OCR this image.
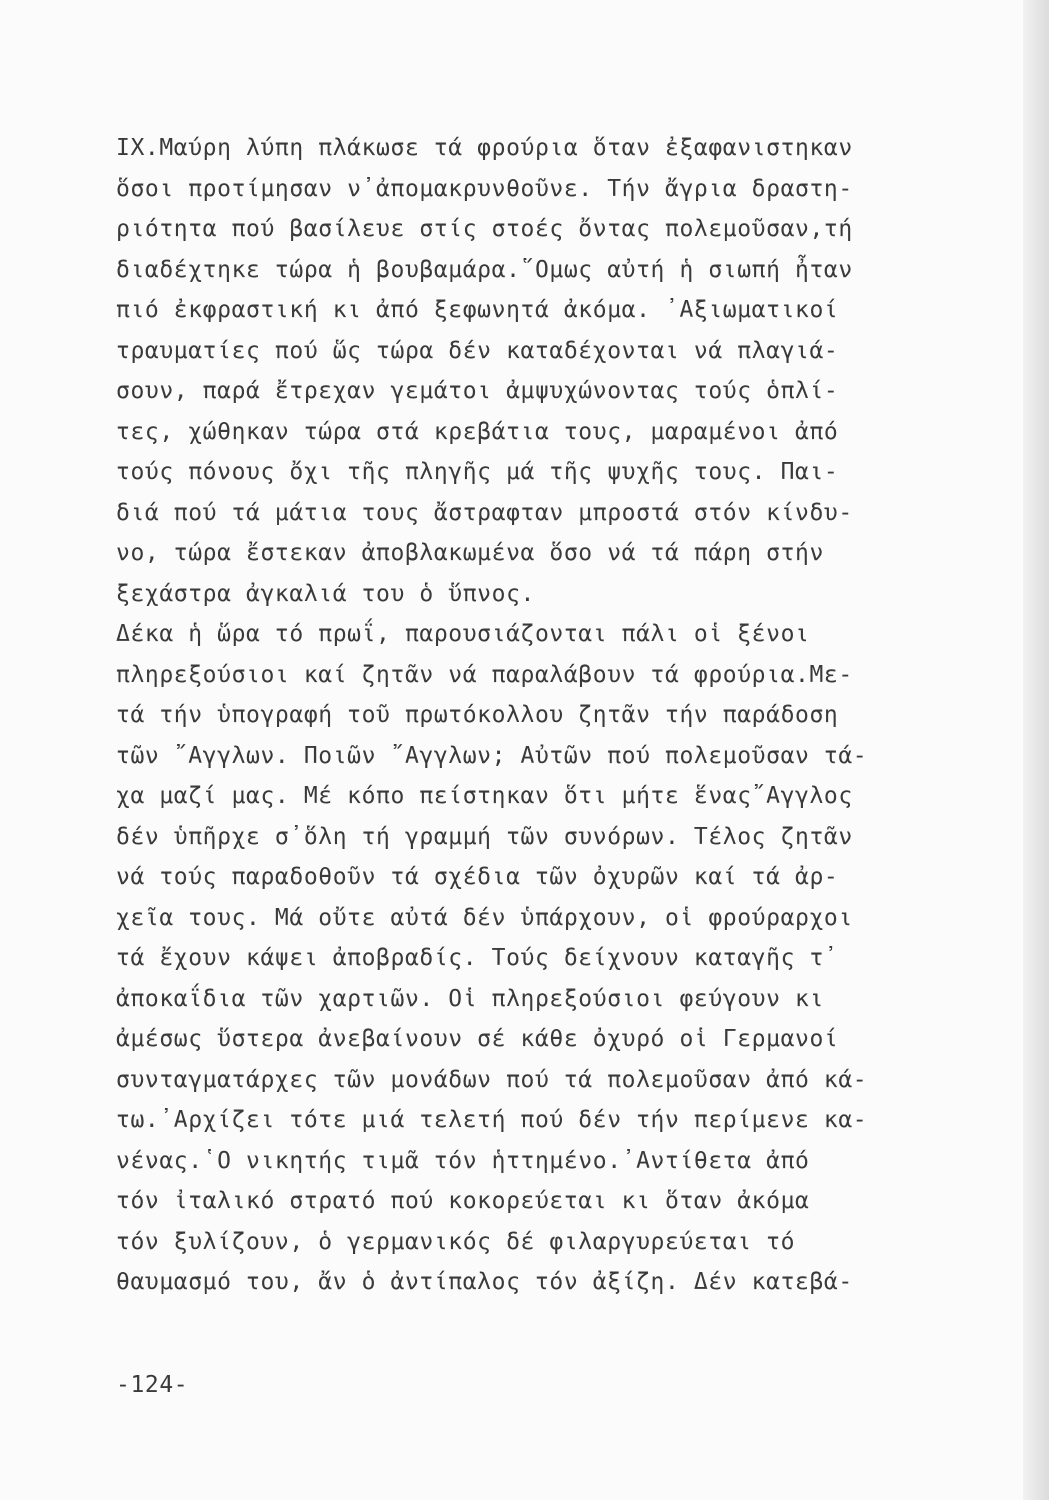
IX.Μαύρη λύπη πλάκωσε τά φρούρια ὅταν ἐξαφανιστηκαν
ὅσοι προτίμησαν ν᾿ἀπομακρυνθοῦνε. Τήν ἄγρια δραστη-
ριότητα πού βασίλευε στίς στοές ὄντας πολεμοῦσαν,τή
διαδέχτηκε τώρα ἡ βουβαμάρα.῞Ομως αὐτή ἡ σιωπή ἦταν
πιό ἐκφραστική κι ἀπό ξεφωνητά ἀκόμα. ᾿Αξιωματικοί
τραυματίες πού ὥς τώρα δέν καταδέχονται νά πλαγιά-
σουν, παρά ἔτρεχαν γεμάτοι ἀμψυχώνοντας τούς ὁπλί-
τες, χώθηκαν τώρα στά κρεβάτια τους, μαραμένοι ἀπό
τούς πόνους ὄχι τῆς πληγῆς μά τῆς ψυχῆς τους. Παι-
διά πού τά μάτια τους ἄστραφταν μπροστά στόν κίνδυ-
νο, τώρα ἔστεκαν ἀποβλακωμένα ὅσο νά τά πάρη στήν
ξεχάστρα ἀγκαλιά του ὁ ὕπνος.
Δέκα ἡ ὥρα τό πρωΐ, παρουσιάζονται πάλι οἱ ξένοι
πληρεξούσιοι καί ζητᾶν νά παραλάβουν τά φρούρια.Με-
τά τήν ὑπογραφή τοῦ πρωτόκολλου ζητᾶν τήν παράδοση
τῶν ῎Αγγλων. Ποιῶν ῎Αγγλων; Αὐτῶν πού πολεμοῦσαν τά-
χα μαζί μας. Μέ κόπο πείστηκαν ὅτι μήτε ἕνας῎Αγγλος
δέν ὑπῆρχε σ᾿ὅλη τή γραμμή τῶν συνόρων. Τέλος ζητᾶν
νά τούς παραδοθοῦν τά σχέδια τῶν ὀχυρῶν καί τά ἀρ-
χεῖα τους. Μά οὔτε αὐτά δέν ὑπάρχουν, οἱ φρούραρχοι
τά ἔχουν κάψει ἀποβραδίς. Τούς δείχνουν καταγῆς τ᾿
ἀποκαΐδια τῶν χαρτιῶν. Οἱ πληρεξούσιοι φεύγουν κι
ἀμέσως ὕστερα ἀνεβαίνουν σέ κάθε ὀχυρό οἱ Γερμανοί
συνταγματάρχες τῶν μονάδων πού τά πολεμοῦσαν ἀπό κά-
τω.᾿Αρχίζει τότε μιά τελετή πού δέν τήν περίμενε κα-
νένας.῾Ο νικητής τιμᾶ τόν ἡττημένο.᾿Αντίθετα ἀπό
τόν ἰταλικό στρατό πού κοκορεύεται κι ὅταν ἀκόμα
τόν ξυλίζουν, ὁ γερμανικός δέ φιλαργυρεύεται τό
θαυμασμό του, ἄν ὁ ἀντίπαλος τόν ἀξίζη. Δέν κατεβά-
-124-
